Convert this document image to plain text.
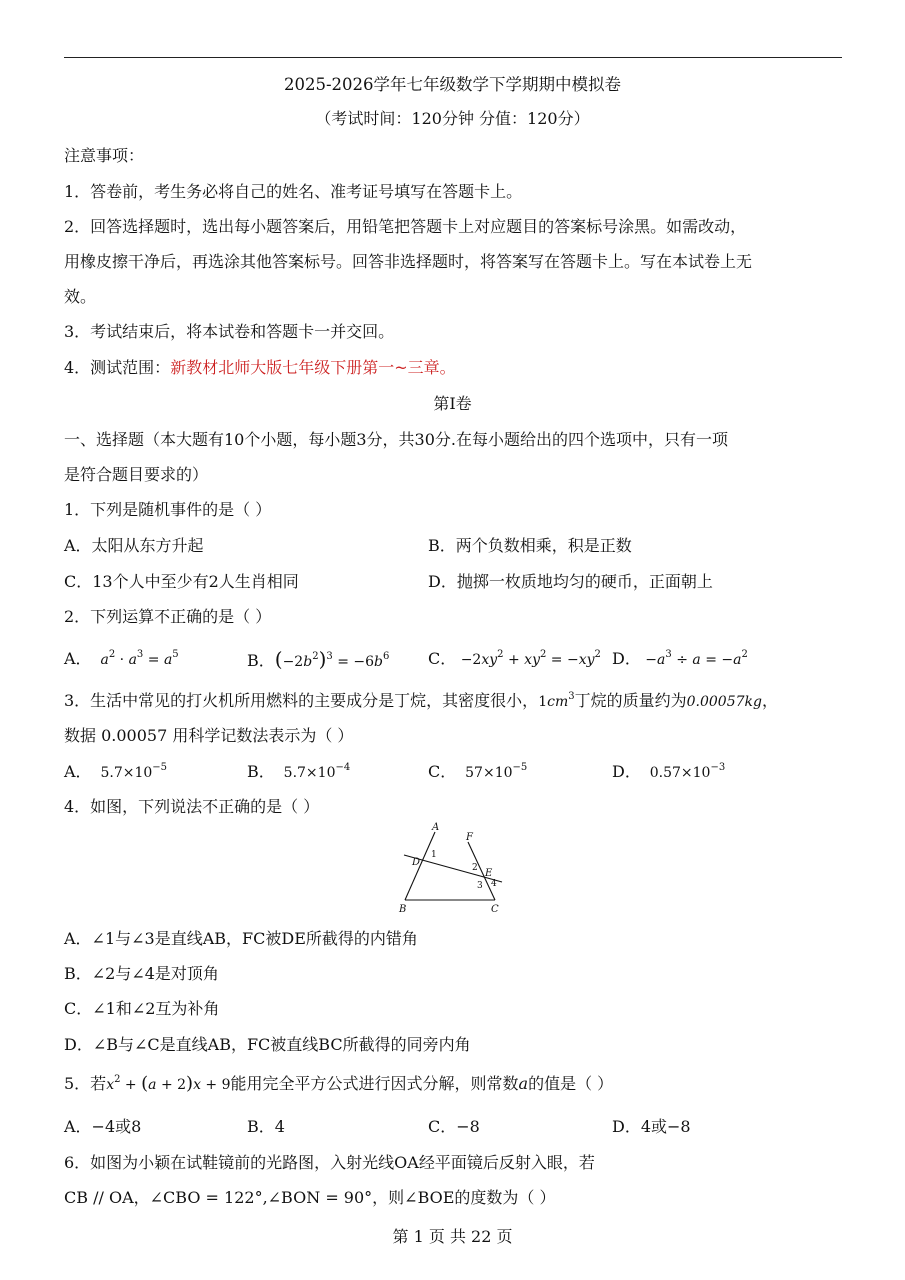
2025-2026学年七年级数学下学期期中模拟卷
（考试时间：120分钟 分值：120分）
注意事项：
1．答卷前，考生务必将自己的姓名、准考证号填写在答题卡上。
2．回答选择题时，选出每小题答案后，用铅笔把答题卡上对应题目的答案标号涂黑。如需改动，
用橡皮擦干净后，再选涂其他答案标号。回答非选择题时，将答案写在答题卡上。写在本试卷上无
效。
3．考试结束后，将本试卷和答题卡一并交回。
4．测试范围：新教材北师大版七年级下册第一~三章。
第Ⅰ卷
一、选择题（本大题有10个小题，每小题3分，共30分.在每小题给出的四个选项中，只有一项
是符合题目要求的）
1．下列是随机事件的是（ ）
A．太阳从东方升起	B．两个负数相乘，积是正数
C．13个人中至少有2人生肖相同	D．抛掷一枚质地均匀的硬币，正面朝上
2．下列运算不正确的是（ ）
A． $a^2 \cdot a^3 = a^5$	B．$(-2b^2)^3 = -6b^6$ C． $-2xy^2 + xy^2 = -xy^2$ D． $-a^3 \div a = -a^2$
3．生活中常见的打火机所用燃料的主要成分是丁烷，其密度很小，$1cm^3$丁烷的质量约为0.00057kg，
数据 0.00057 用科学记数法表示为（ ）
A．  $5.7\times 10^{-5}$	B．  $5.7\times 10^{-4}$	C．  $57\times 10^{-5}$	D．  $0.57\times 10^{-3}$
4．如图，下列说法不正确的是（ ）
A
F
D
E
B	C
1
2
3 4
A．∠1与∠3是直线AB，FC被DE所截得的内错角
B．∠2与∠4是对顶角
C．∠1和∠2互为补角
D．∠B与∠C是直线AB，FC被直线BC所截得的同旁内角
5．若$x^2 + (a + 2)x + 9$能用完全平方公式进行因式分解，则常数a的值是（ ）
A．−4或8	B．4	C．−8	D．4或−8
6．如图为小颖在试鞋镜前的光路图，入射光线OA经平面镜后反射入眼，若
CB // OA，∠CBO = 122°,∠BON = 90°，则∠BOE的度数为（ ）
第 1 页 共 22 页
